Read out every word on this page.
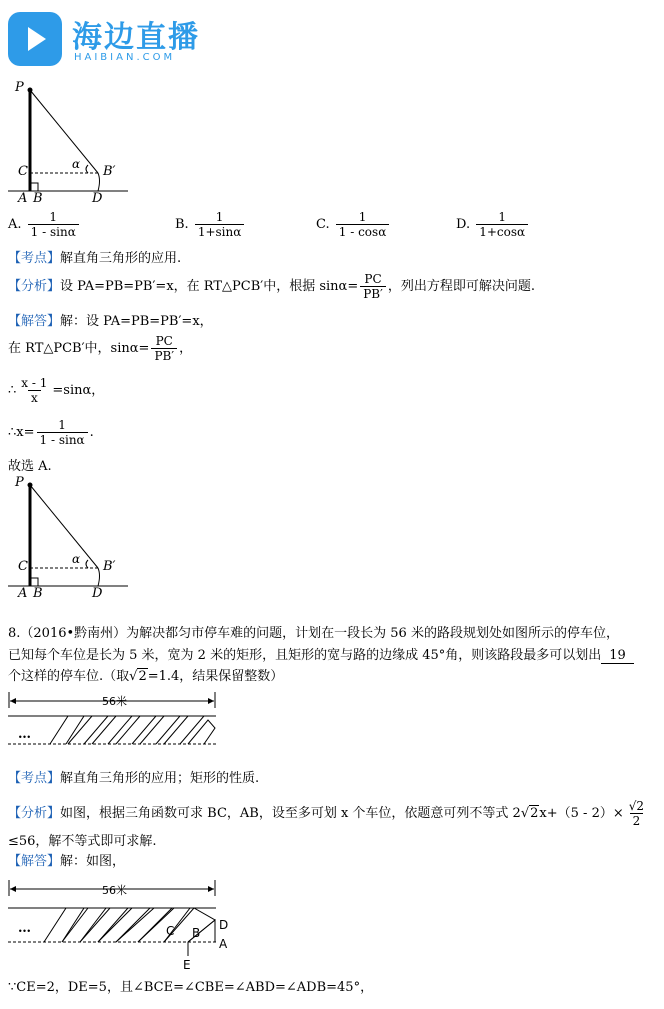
海边直播
HAIBIAN.COM
P
C
A B
B′
D
α
A. $\frac{1}{1 - \sin\alpha}$	B. $\frac{1}{1+\sin\alpha}$	C. $\frac{1}{1 - \cos\alpha}$	D. $\frac{1}{1+\cos\alpha}$
【考点】解直角三角形的应用.
【分析】设 PA=PB=PB′=x，在 RT△PCB′中，根据 $\sin\alpha= \frac{PC}{PB'}$ ，列出方程即可解决问题.
【解答】解：设 PA=PB=PB′=x，
在 RT△PCB′中，$\sin\alpha= \frac{PC}{PB'}$ ，
∴ $\frac{x - 1}{x} =\sin\alpha$，
∴x= $\frac{1}{1 - \sin\alpha}$ .
故选 A.
P
C
A B
B′
D
α
8.（2016•黔南州）为解决都匀市停车难的问题，计划在一段长为 56 米的路段规划处如图所示的停车位，
已知每个车位是长为 5 米，宽为 2 米的矩形，且矩形的宽与路的边缘成 45°角，则该路段最多可以划出 19
个这样的停车位.（取√2=1.4，结果保留整数）
56米
…
【考点】解直角三角形的应用；矩形的性质.
【分析】如图，根据三角函数可求 BC，AB，设至多可划 x 个车位，依题意可列不等式 $2√2x+(5 - 2)\times \frac{√2}{2}$
≤56，解不等式即可求解.
【解答】解：如图，
56米
…	C B
D
A
E
∵CE=2，DE=5，且∠BCE=∠CBE=∠ABD=∠ADB=45°，
